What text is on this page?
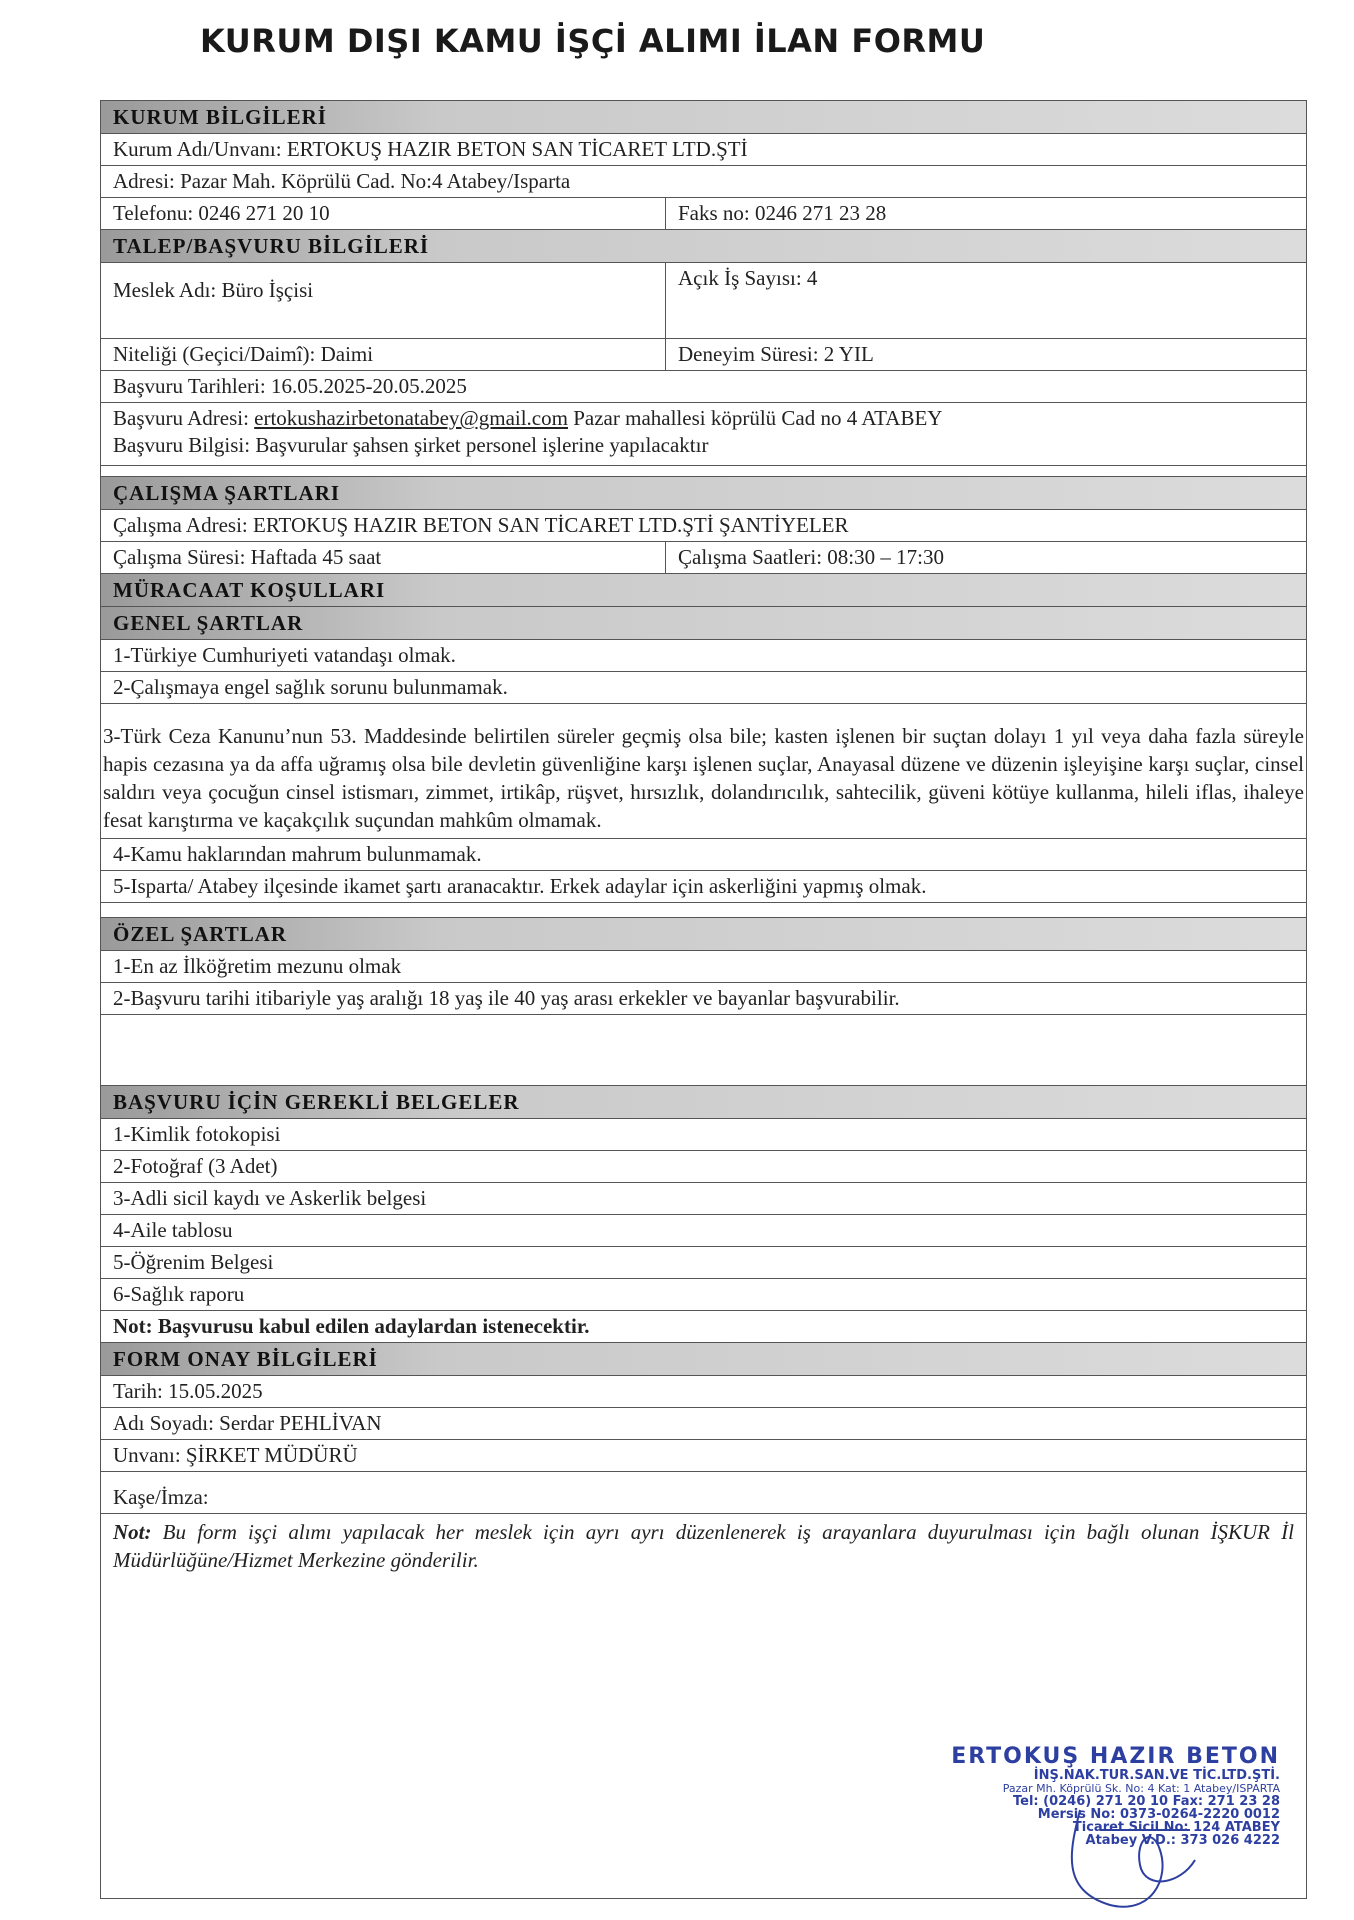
KURUM DIŞI KAMU İŞÇİ ALIMI İLAN FORMU
KURUM BİLGİLERİ
Kurum Adı/Unvanı: ERTOKUŞ HAZIR BETON SAN TİCARET LTD.ŞTİ
Adresi: Pazar Mah. Köprülü Cad. No:4 Atabey/Isparta
Telefonu: 0246 271 20 10	Faks no: 0246 271 23 28
TALEP/BAŞVURU BİLGİLERİ
Meslek Adı: Büro İşçisi	Açık İş Sayısı: 4
Niteliği (Geçici/Daimî): Daimi	Deneyim Süresi: 2 YIL
Başvuru Tarihleri: 16.05.2025-20.05.2025
Başvuru Adresi: ertokushazirbetonatabey@gmail.com Pazar mahallesi köprülü Cad no 4 ATABEY
Başvuru Bilgisi: Başvurular şahsen şirket personel işlerine yapılacaktır
ÇALIŞMA ŞARTLARI
Çalışma Adresi: ERTOKUŞ HAZIR BETON SAN TİCARET LTD.ŞTİ ŞANTİYELER
Çalışma Süresi: Haftada 45 saat	Çalışma Saatleri: 08:30 – 17:30
MÜRACAAT KOŞULLARI
GENEL ŞARTLAR
1-Türkiye Cumhuriyeti vatandaşı olmak.
2-Çalışmaya engel sağlık sorunu bulunmamak.
3-Türk Ceza Kanunu’nun 53. Maddesinde belirtilen süreler geçmiş olsa bile; kasten işlenen bir suçtan dolayı 1 yıl veya daha fazla süreyle hapis cezasına ya da affa uğramış olsa bile devletin güvenliğine karşı işlenen suçlar, Anayasal düzene ve düzenin işleyişine karşı suçlar, cinsel saldırı veya çocuğun cinsel istismarı, zimmet, irtikâp, rüşvet, hırsızlık, dolandırıcılık, sahtecilik, güveni kötüye kullanma, hileli iflas, ihaleye fesat karıştırma ve kaçakçılık suçundan mahkûm olmamak.
4-Kamu haklarından mahrum bulunmamak.
5-Isparta/ Atabey ilçesinde ikamet şartı aranacaktır. Erkek adaylar için askerliğini yapmış olmak.
ÖZEL ŞARTLAR
1-En az İlköğretim mezunu olmak
2-Başvuru tarihi itibariyle yaş aralığı 18 yaş ile 40 yaş arası erkekler ve bayanlar başvurabilir.
BAŞVURU İÇİN GEREKLİ BELGELER
1-Kimlik fotokopisi
2-Fotoğraf (3 Adet)
3-Adli sicil kaydı ve Askerlik belgesi
4-Aile tablosu
5-Öğrenim Belgesi
6-Sağlık raporu
Not: Başvurusu kabul edilen adaylardan istenecektir.
FORM ONAY BİLGİLERİ
Tarih: 15.05.2025
Adı Soyadı: Serdar PEHLİVAN
Unvanı: ŞİRKET MÜDÜRÜ
Kaşe/İmza:
Not: Bu form işçi alımı yapılacak her meslek için ayrı ayrı düzenlenerek iş arayanlara duyurulması için bağlı olunan İŞKUR İl Müdürlüğüne/Hizmet Merkezine gönderilir.
ERTOKUŞ HAZIR BETON
İNŞ.NAK.TUR.SAN.VE TİC.LTD.ŞTİ.
Pazar Mh. Köprülü Sk. No: 4 Kat: 1 Atabey/ISPARTA
Tel: (0246) 271 20 10 Fax: 271 23 28
Mersis No: 0373-0264-2220 0012
Ticaret Sicil No: 124 ATABEY
Atabey V.D.: 373 026 4222
